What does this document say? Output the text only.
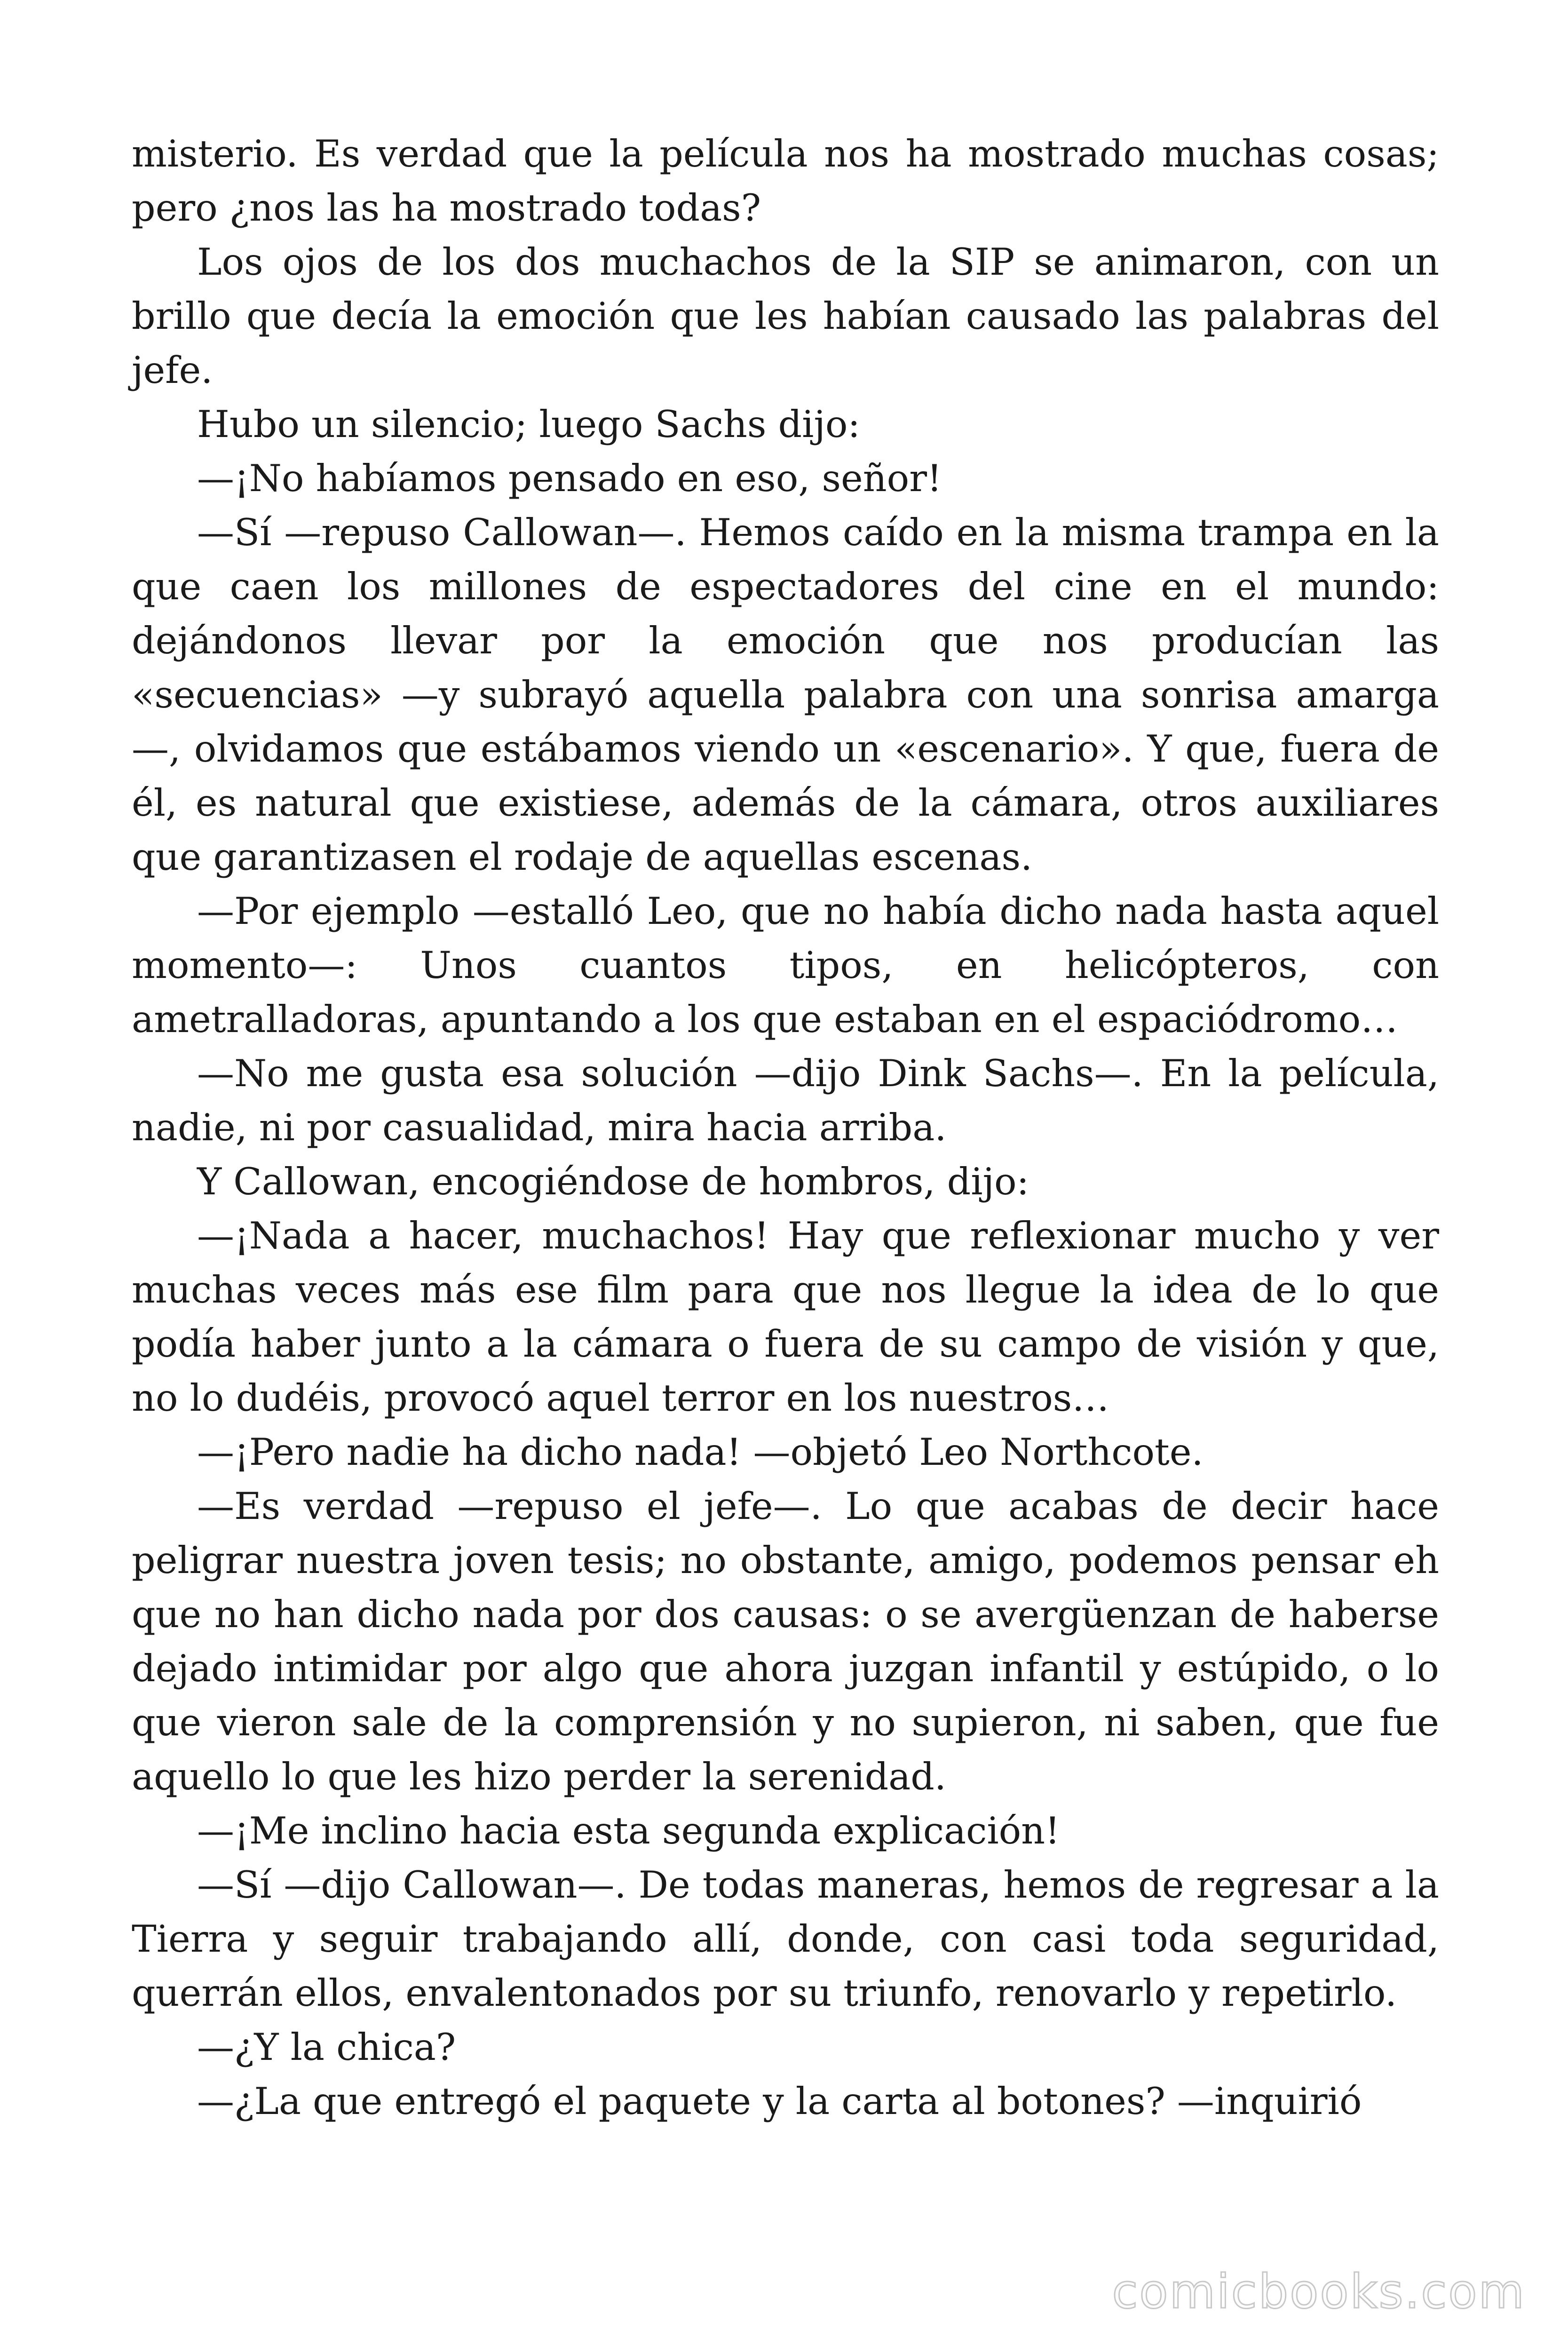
misterio. Es verdad que la película nos ha mostrado muchas cosas; pero ¿nos las ha mostrado todas?

Los ojos de los dos muchachos de la SIP se animaron, con un brillo que decía la emoción que les habían causado las palabras del jefe.

Hubo un silencio; luego Sachs dijo:

—¡No habíamos pensado en eso, señor!

—Sí —repuso Callowan—. Hemos caído en la misma trampa en la que caen los millones de espectadores del cine en el mundo: dejándonos llevar por la emoción que nos producían las «secuencias» —y subrayó aquella palabra con una sonrisa amarga —, olvidamos que estábamos viendo un «escenario». Y que, fuera de él, es natural que existiese, además de la cámara, otros auxiliares que garantizasen el rodaje de aquellas escenas.

—Por ejemplo —estalló Leo, que no había dicho nada hasta aquel momento—: Unos cuantos tipos, en helicópteros, con ametralladoras, apuntando a los que estaban en el espaciódromo…

—No me gusta esa solución —dijo Dink Sachs—. En la película, nadie, ni por casualidad, mira hacia arriba.

Y Callowan, encogiéndose de hombros, dijo:

—¡Nada a hacer, muchachos! Hay que reflexionar mucho y ver muchas veces más ese film para que nos llegue la idea de lo que podía haber junto a la cámara o fuera de su campo de visión y que, no lo dudéis, provocó aquel terror en los nuestros…

—¡Pero nadie ha dicho nada! —objetó Leo Northcote.

—Es verdad —repuso el jefe—. Lo que acabas de decir hace peligrar nuestra joven tesis; no obstante, amigo, podemos pensar eh que no han dicho nada por dos causas: o se avergüenzan de haberse dejado intimidar por algo que ahora juzgan infantil y estúpido, o lo que vieron sale de la comprensión y no supieron, ni saben, que fue aquello lo que les hizo perder la serenidad.

—¡Me inclino hacia esta segunda explicación!

—Sí —dijo Callowan—. De todas maneras, hemos de regresar a la Tierra y seguir trabajando allí, donde, con casi toda seguridad, querrán ellos, envalentonados por su triunfo, renovarlo y repetirlo.

—¿Y la chica?

—¿La que entregó el paquete y la carta al botones? —inquirió

comicbooks.com
